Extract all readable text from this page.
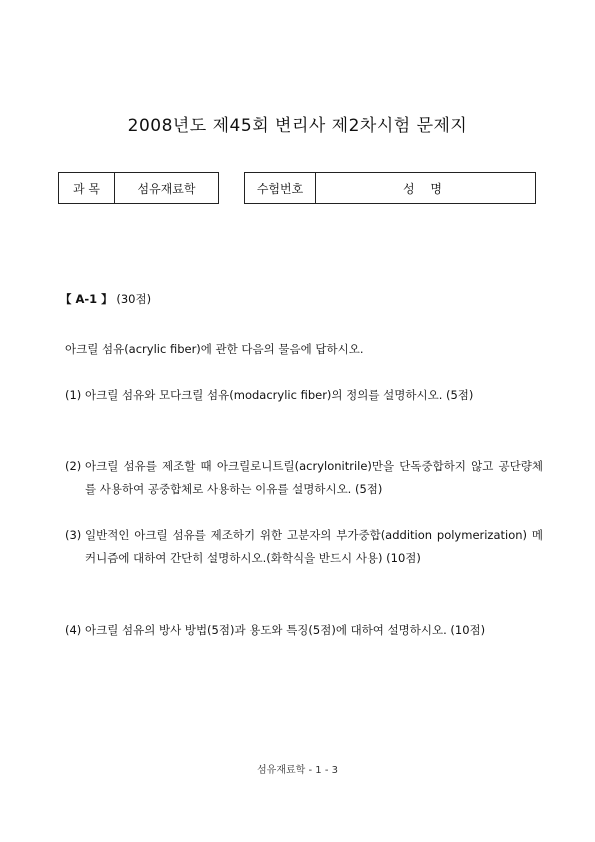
2008년도 제45회 변리사 제2차시험 문제지
과 목	섬유재료학	수험번호	성 명
【 A-1 】 (30점)
아크릴 섬유(acrylic fiber)에 관한 다음의 물음에 답하시오.
(1) 아크릴 섬유와 모다크릴 섬유(modacrylic fiber)의 정의를 설명하시오. (5점)
(2) 아크릴 섬유를 제조할 때 아크릴로니트릴(acrylonitrile)만을 단독중합하지 않고 공단량체를 사용하여 공중합체로 사용하는 이유를 설명하시오. (5점)
(3) 일반적인 아크릴 섬유를 제조하기 위한 고분자의 부가중합(addition polymerization) 메커니즘에 대하여 간단히 설명하시오.(화학식을 반드시 사용) (10점)
(4) 아크릴 섬유의 방사 방법(5점)과 용도와 특징(5점)에 대하여 설명하시오. (10점)
섬유재료학 - 1 - 3
